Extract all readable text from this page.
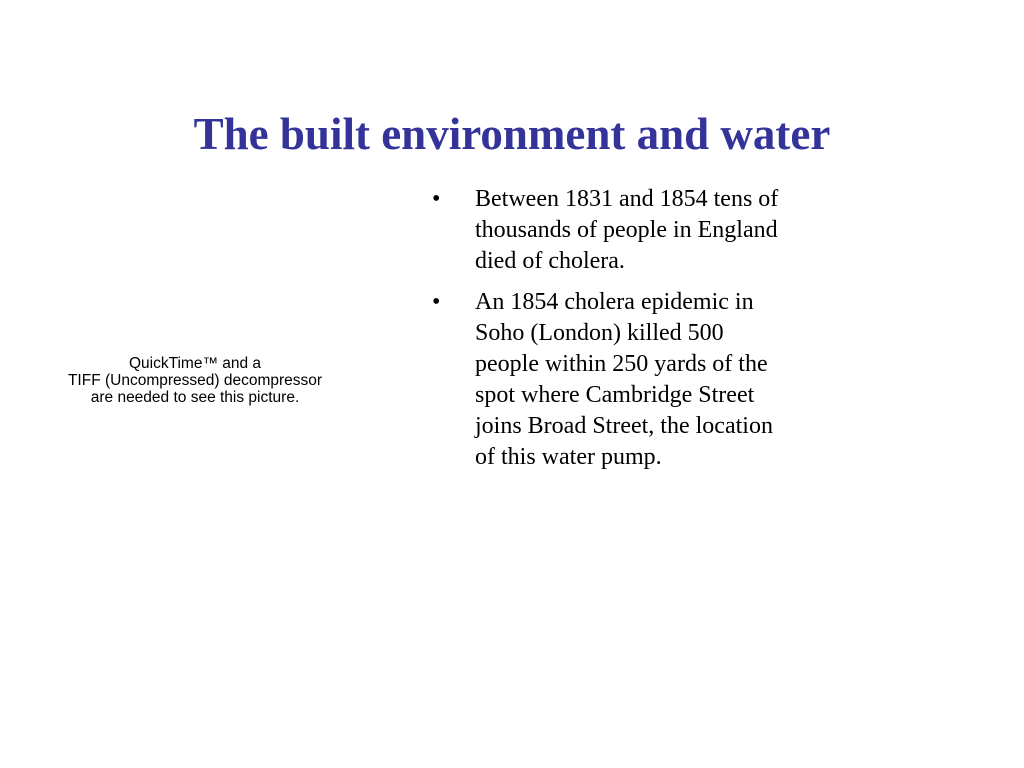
The built environment and water
QuickTime™ and a
TIFF (Uncompressed) decompressor
are needed to see this picture.
•	Between 1831 and 1854 tens of
thousands of people in England
died of cholera.
•	An 1854 cholera epidemic in
Soho (London) killed 500
people within 250 yards of the
spot where Cambridge Street
joins Broad Street, the location
of this water pump.
